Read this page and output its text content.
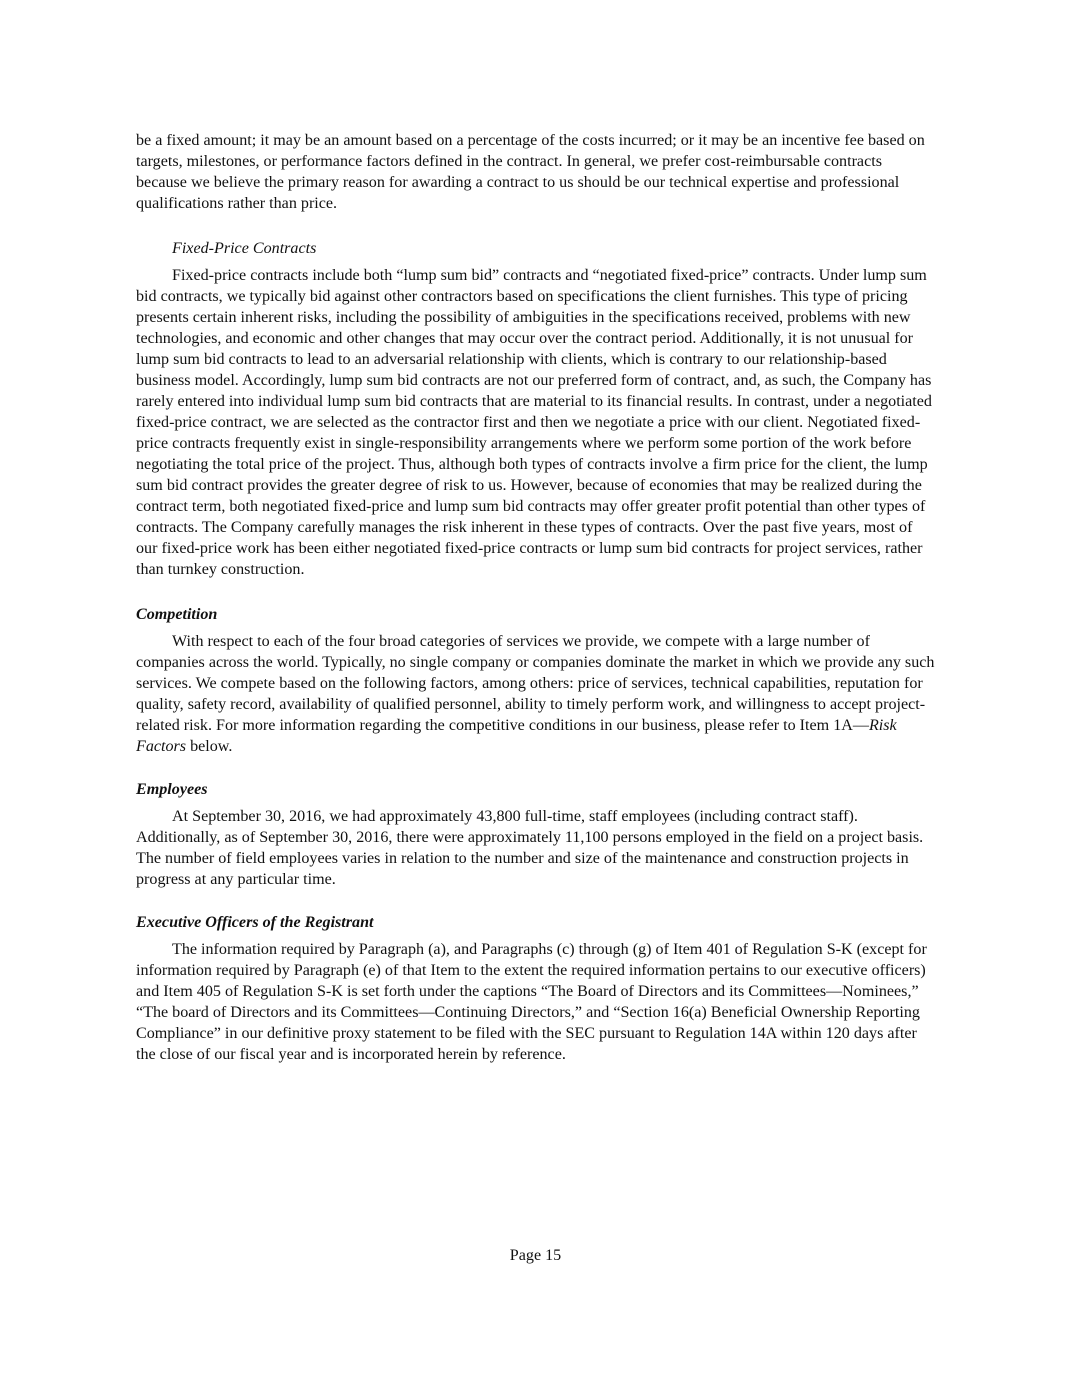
be a fixed amount; it may be an amount based on a percentage of the costs incurred; or it may be an incentive fee based on targets, milestones, or performance factors defined in the contract. In general, we prefer cost-reimbursable contracts because we believe the primary reason for awarding a contract to us should be our technical expertise and professional qualifications rather than price.

Fixed-Price Contracts

Fixed-price contracts include both “lump sum bid” contracts and “negotiated fixed-price” contracts. Under lump sum bid contracts, we typically bid against other contractors based on specifications the client furnishes. This type of pricing presents certain inherent risks, including the possibility of ambiguities in the specifications received, problems with new technologies, and economic and other changes that may occur over the contract period. Additionally, it is not unusual for lump sum bid contracts to lead to an adversarial relationship with clients, which is contrary to our relationship-based business model. Accordingly, lump sum bid contracts are not our preferred form of contract, and, as such, the Company has rarely entered into individual lump sum bid contracts that are material to its financial results. In contrast, under a negotiated fixed-price contract, we are selected as the contractor first and then we negotiate a price with our client. Negotiated fixed-price contracts frequently exist in single-responsibility arrangements where we perform some portion of the work before negotiating the total price of the project. Thus, although both types of contracts involve a firm price for the client, the lump sum bid contract provides the greater degree of risk to us. However, because of economies that may be realized during the contract term, both negotiated fixed-price and lump sum bid contracts may offer greater profit potential than other types of contracts. The Company carefully manages the risk inherent in these types of contracts. Over the past five years, most of our fixed-price work has been either negotiated fixed-price contracts or lump sum bid contracts for project services, rather than turnkey construction.

Competition

With respect to each of the four broad categories of services we provide, we compete with a large number of companies across the world. Typically, no single company or companies dominate the market in which we provide any such services. We compete based on the following factors, among others: price of services, technical capabilities, reputation for quality, safety record, availability of qualified personnel, ability to timely perform work, and willingness to accept project-related risk. For more information regarding the competitive conditions in our business, please refer to Item 1A—Risk Factors below.

Employees

At September 30, 2016, we had approximately 43,800 full-time, staff employees (including contract staff). Additionally, as of September 30, 2016, there were approximately 11,100 persons employed in the field on a project basis. The number of field employees varies in relation to the number and size of the maintenance and construction projects in progress at any particular time.

Executive Officers of the Registrant

The information required by Paragraph (a), and Paragraphs (c) through (g) of Item 401 of Regulation S-K (except for information required by Paragraph (e) of that Item to the extent the required information pertains to our executive officers) and Item 405 of Regulation S-K is set forth under the captions “The Board of Directors and its Committees—Nominees,” “The board of Directors and its Committees—Continuing Directors,” and “Section 16(a) Beneficial Ownership Reporting Compliance” in our definitive proxy statement to be filed with the SEC pursuant to Regulation 14A within 120 days after the close of our fiscal year and is incorporated herein by reference.

Page 15
